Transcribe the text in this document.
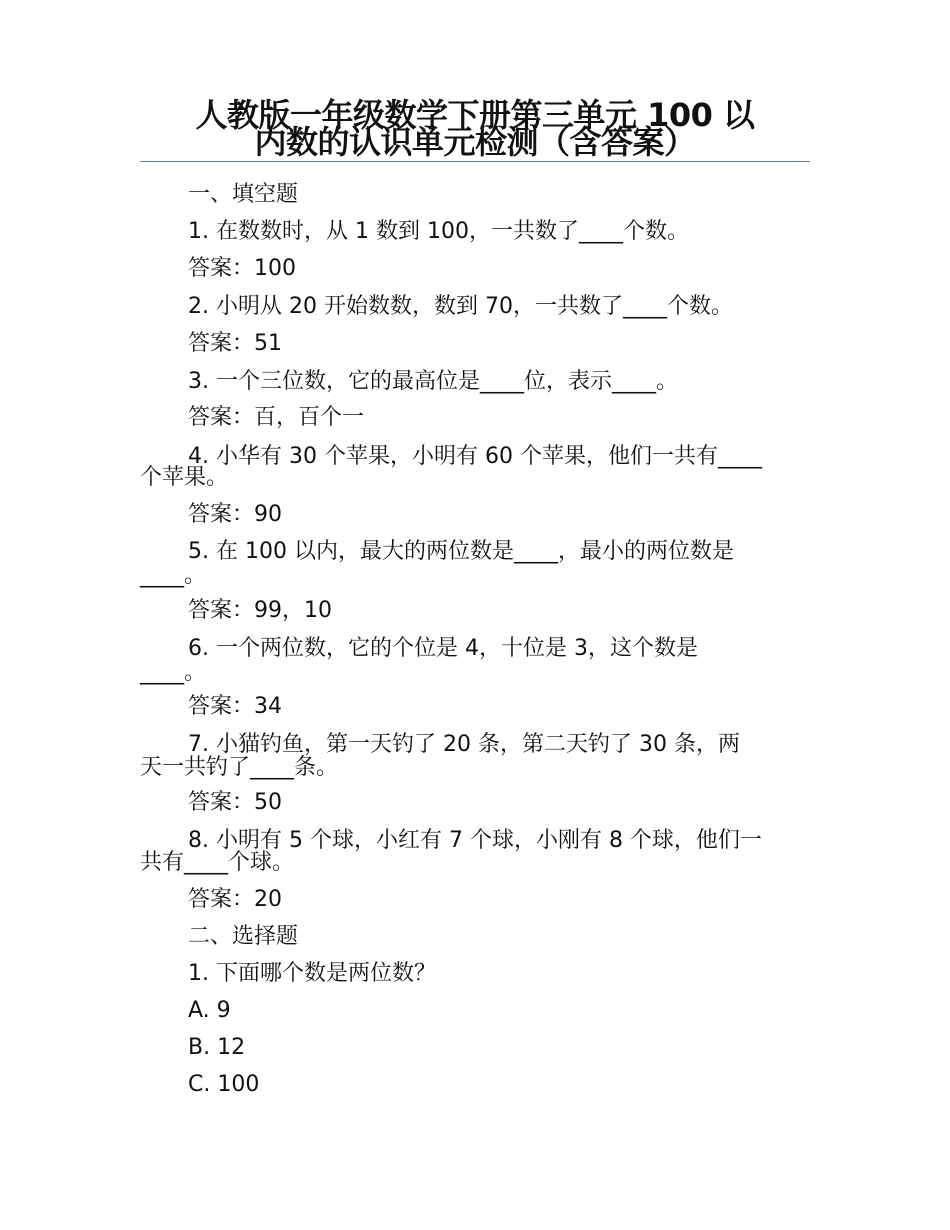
人教版一年级数学下册第三单元 100 以
内数的认识单元检测（含答案）
一、填空题
1. 在数数时，从 1 数到 100，一共数了____个数。
答案：100
2. 小明从 20 开始数数，数到 70，一共数了____个数。
答案：51
3. 一个三位数，它的最高位是____位，表示____。
答案：百，百个一
4. 小华有 30 个苹果，小明有 60 个苹果，他们一共有____
个苹果。
答案：90
5. 在 100 以内，最大的两位数是____，最小的两位数是
____。
答案：99，10
6. 一个两位数，它的个位是 4，十位是 3，这个数是
____。
答案：34
7. 小猫钓鱼，第一天钓了 20 条，第二天钓了 30 条，两
天一共钓了____条。
答案：50
8. 小明有 5 个球，小红有 7 个球，小刚有 8 个球，他们一
共有____个球。
答案：20
二、选择题
1. 下面哪个数是两位数？
A. 9
B. 12
C. 100
